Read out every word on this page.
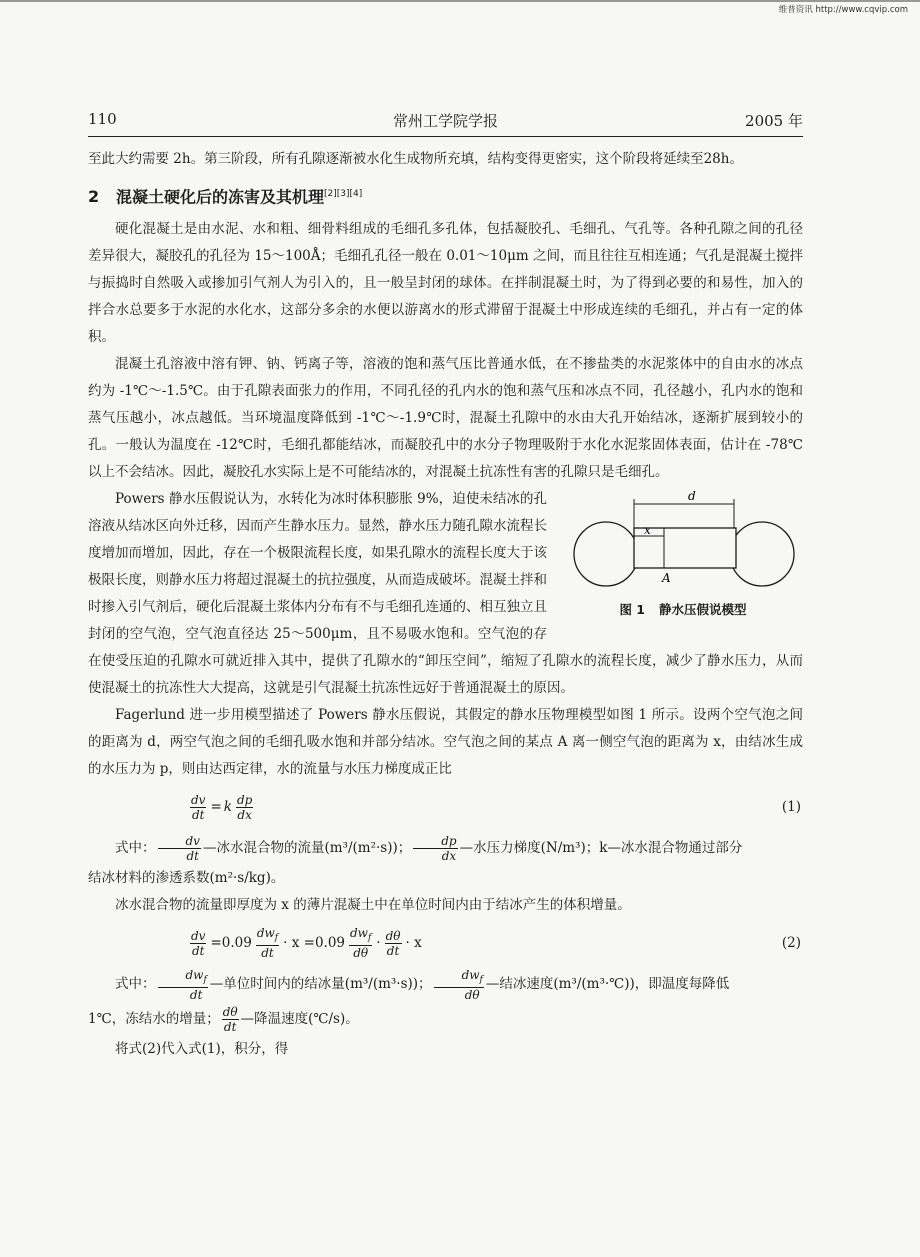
维普资讯 http://www.cqvip.com
110	常州工学院学报	2005 年

至此大约需要 2h。第三阶段，所有孔隙逐渐被水化生成物所充填，结构变得更密实，这个阶段将延续至28h。

2 混凝土硬化后的冻害及其机理[2][3][4]

硬化混凝土是由水泥、水和粗、细骨料组成的毛细孔多孔体，包括凝胶孔、毛细孔、气孔等。各种孔隙之间的孔径差异很大，凝胶孔的孔径为 15～100Å；毛细孔孔径一般在 0.01～10μm 之间，而且往往互相连通；气孔是混凝土搅拌与振捣时自然吸入或掺加引气剂人为引入的，且一般呈封闭的球体。在拌制混凝土时，为了得到必要的和易性，加入的拌合水总要多于水泥的水化水，这部分多余的水便以游离水的形式滞留于混凝土中形成连续的毛细孔，并占有一定的体积。

混凝土孔溶液中溶有钾、钠、钙离子等，溶液的饱和蒸气压比普通水低，在不掺盐类的水泥浆体中的自由水的冰点约为 -1℃～-1.5℃。由于孔隙表面张力的作用，不同孔径的孔内水的饱和蒸气压和冰点不同，孔径越小，孔内水的饱和蒸气压越小，冰点越低。当环境温度降低到 -1℃～-1.9℃时，混凝土孔隙中的水由大孔开始结冰，逐渐扩展到较小的孔。一般认为温度在 -12℃时，毛细孔都能结冰，而凝胶孔中的水分子物理吸附于水化水泥浆固体表面，估计在 -78℃以上不会结冰。因此，凝胶孔水实际上是不可能结冰的，对混凝土抗冻性有害的孔隙只是毛细孔。

d
x
A
图 1 静水压假说模型

Powers 静水压假说认为，水转化为冰时体积膨胀 9%，迫使未结冰的孔溶液从结冰区向外迁移，因而产生静水压力。显然，静水压力随孔隙水流程长度增加而增加，因此，存在一个极限流程长度，如果孔隙水的流程长度大于该极限长度，则静水压力将超过混凝土的抗拉强度，从而造成破坏。混凝土拌和时掺入引气剂后，硬化后混凝土浆体内分布有不与毛细孔连通的、相互独立且封闭的空气泡，空气泡直径达 25～500μm，且不易吸水饱和。空气泡的存在使受压迫的孔隙水可就近排入其中，提供了孔隙水的“卸压空间”，缩短了孔隙水的流程长度，减少了静水压力，从而使混凝土的抗冻性大大提高，这就是引气混凝土抗冻性远好于普通混凝土的原因。

Fagerlund 进一步用模型描述了 Powers 静水压假说，其假定的静水压物理模型如图 1 所示。设两个空气泡之间的距离为 d，两空气泡之间的毛细孔吸水饱和并部分结冰。空气泡之间的某点 A 离一侧空气泡的距离为 x，由结冰生成的水压力为 p，则由达西定律，水的流量与水压力梯度成正比

$\frac{dv}{dt} = k \frac{dp}{dx}$	(1)

式中： $\frac{dv}{dt}$ —冰水混合物的流量(m³/(m²·s))； $\frac{dp}{dx}$ —水压力梯度(N/m³)；k—冰水混合物通过部分

结冰材料的渗透系数(m²·s/kg)。

冰水混合物的流量即厚度为 x 的薄片混凝土中在单位时间内由于结冰产生的体积增量。

$\frac{dv}{dt} =0.09 \frac{dw_f}{dt} \cdot x =0.09 \frac{dw_f}{d\theta} \cdot \frac{d\theta}{dt} \cdot x$	(2)

式中： $\frac{dw_f}{dt}$ —单位时间内的结冰量(m³/(m³·s))； $\frac{dw_f}{d\theta}$ —结冰速度(m³/(m³·℃))，即温度每降低

1℃，冻结水的增量； $\frac{d\theta}{dt}$ —降温速度(℃/s)。

将式(2)代入式(1)，积分，得
